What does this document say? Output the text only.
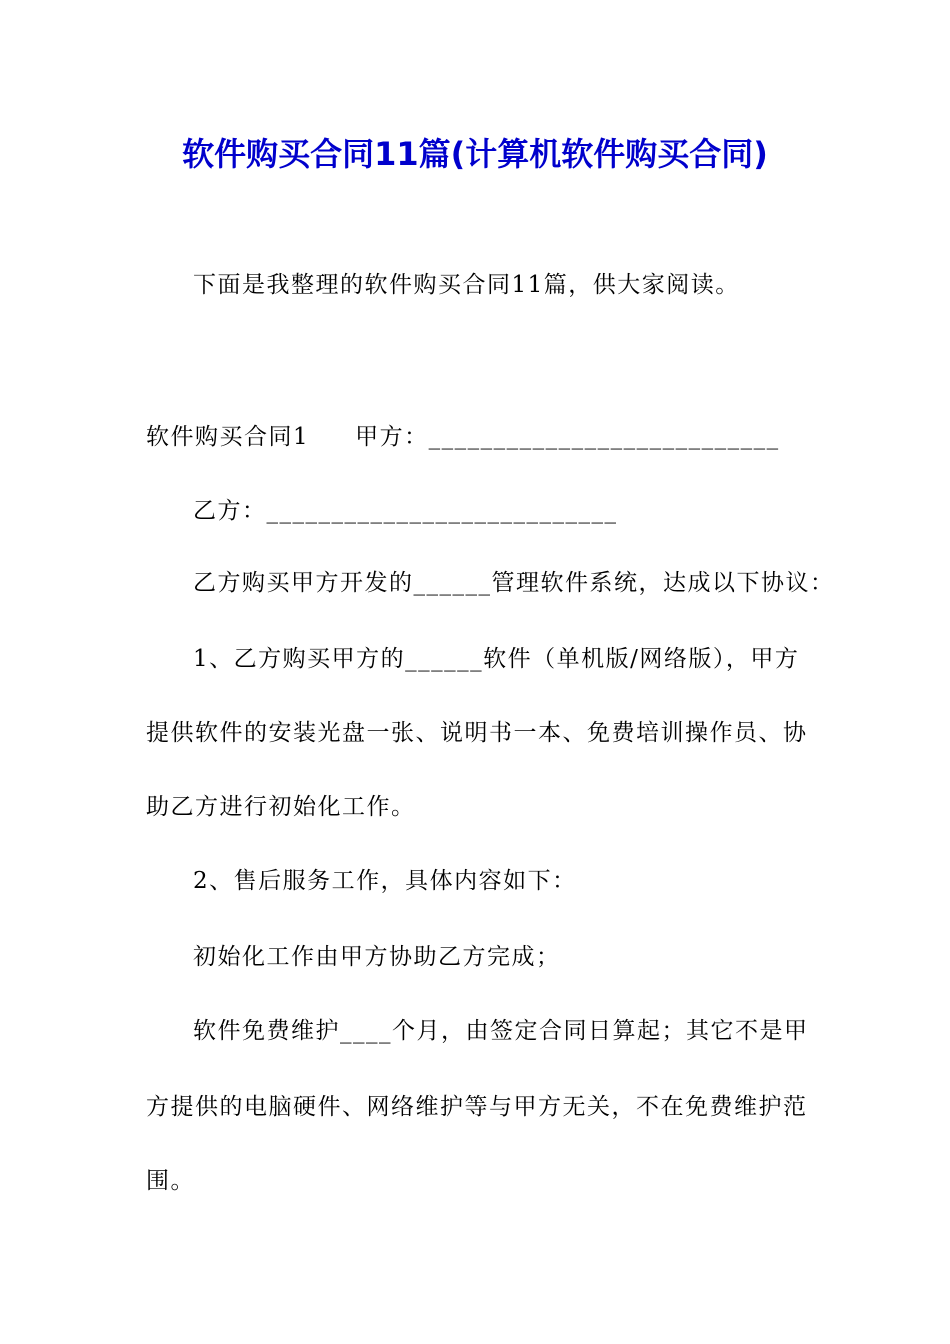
软件购买合同11篇(计算机软件购买合同)
下面是我整理的软件购买合同11篇，供大家阅读。
软件购买合同1 甲方：___________________________
乙方：___________________________
乙方购买甲方开发的______管理软件系统，达成以下协议：
1、乙方购买甲方的______软件（单机版/网络版），甲方
提供软件的安装光盘一张、说明书一本、免费培训操作员、协
助乙方进行初始化工作。
2、售后服务工作，具体内容如下：
初始化工作由甲方协助乙方完成；
软件免费维护____个月，由签定合同日算起；其它不是甲
方提供的电脑硬件、网络维护等与甲方无关，不在免费维护范
围。
